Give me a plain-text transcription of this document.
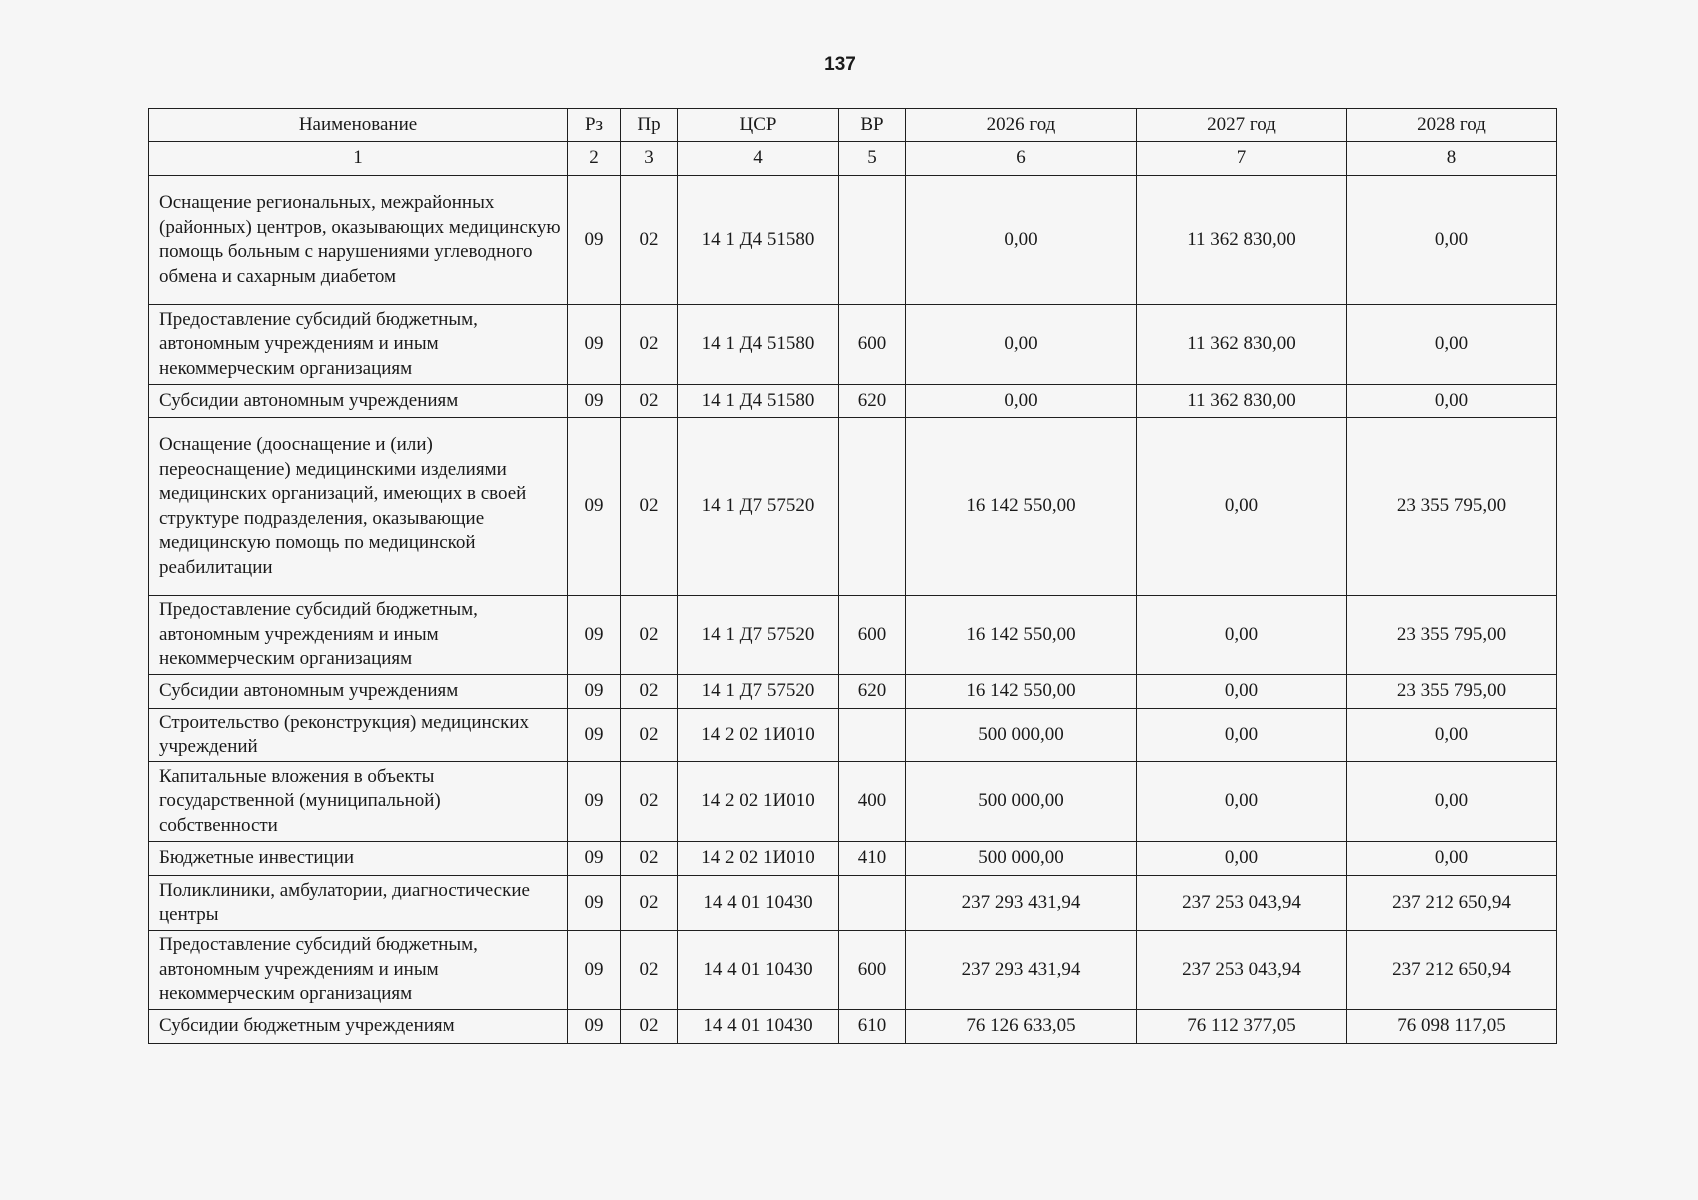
137
Наименование	Рз	Пр	ЦСР	ВР	2026 год	2027 год	2028 год
1	2	3	4	5	6	7	8
Оснащение региональных, межрайонных (районных) центров, оказывающих медицинскую помощь больным с нарушениями углеводного обмена и сахарным диабетом	09	02	14 1 Д4 51580		0,00	11 362 830,00	0,00
Предоставление субсидий бюджетным, автономным учреждениям и иным некоммерческим организациям	09	02	14 1 Д4 51580	600	0,00	11 362 830,00	0,00
Субсидии автономным учреждениям	09	02	14 1 Д4 51580	620	0,00	11 362 830,00	0,00
Оснащение (дооснащение и (или) переоснащение) медицинскими изделиями медицинских организаций, имеющих в своей структуре подразделения, оказывающие медицинскую помощь по медицинской реабилитации	09	02	14 1 Д7 57520		16 142 550,00	0,00	23 355 795,00
Предоставление субсидий бюджетным, автономным учреждениям и иным некоммерческим организациям	09	02	14 1 Д7 57520	600	16 142 550,00	0,00	23 355 795,00
Субсидии автономным учреждениям	09	02	14 1 Д7 57520	620	16 142 550,00	0,00	23 355 795,00
Строительство (реконструкция) медицинских учреждений	09	02	14 2 02 1И010		500 000,00	0,00	0,00
Капитальные вложения в объекты государственной (муниципальной) собственности	09	02	14 2 02 1И010	400	500 000,00	0,00	0,00
Бюджетные инвестиции	09	02	14 2 02 1И010	410	500 000,00	0,00	0,00
Поликлиники, амбулатории, диагностические центры	09	02	14 4 01 10430		237 293 431,94	237 253 043,94	237 212 650,94
Предоставление субсидий бюджетным, автономным учреждениям и иным некоммерческим организациям	09	02	14 4 01 10430	600	237 293 431,94	237 253 043,94	237 212 650,94
Субсидии бюджетным учреждениям	09	02	14 4 01 10430	610	76 126 633,05	76 112 377,05	76 098 117,05
